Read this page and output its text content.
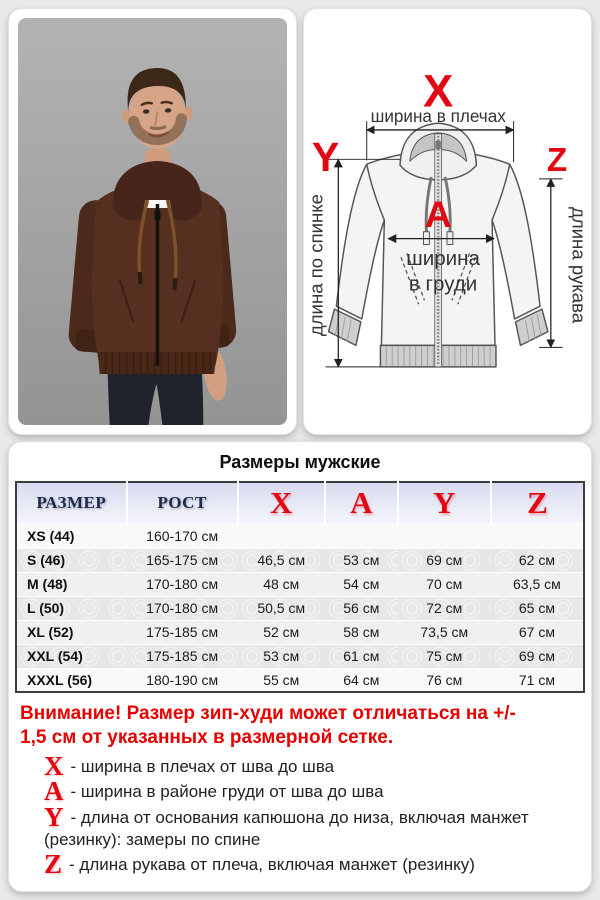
X
ширина в плечах
Y
длина по спинке
Z
длина рукава
A
ширина
в груди
Размеры мужские
РАЗМЕР	РОСТ	X	A	Y	Z
XS (44)	160-170 см				
S (46)	165-175 см	46,5 см	53 см	69 см	62 см
M (48)	170-180 см	48 см	54 см	70 см	63,5 см
L (50)	170-180 см	50,5 см	56 см	72 см	65 см
XL (52)	175-185 см	52 см	58 см	73,5 см	67 см
XXL (54)	175-185 см	53 см	61 см	75 см	69 см
XXXL (56)	180-190 см	55 см	64 см	76 см	71 см
Внимание! Размер зип-худи может отличаться на +/-
1,5 см от указанных в размерной сетке.

X - ширина в плечах от шва до шва

A - ширина в районе груди от шва до шва

Y - длина от основания капюшона до низа, включая манжет (резинку): замеры по спине

Z - длина рукава от плеча, включая манжет (резинку)
